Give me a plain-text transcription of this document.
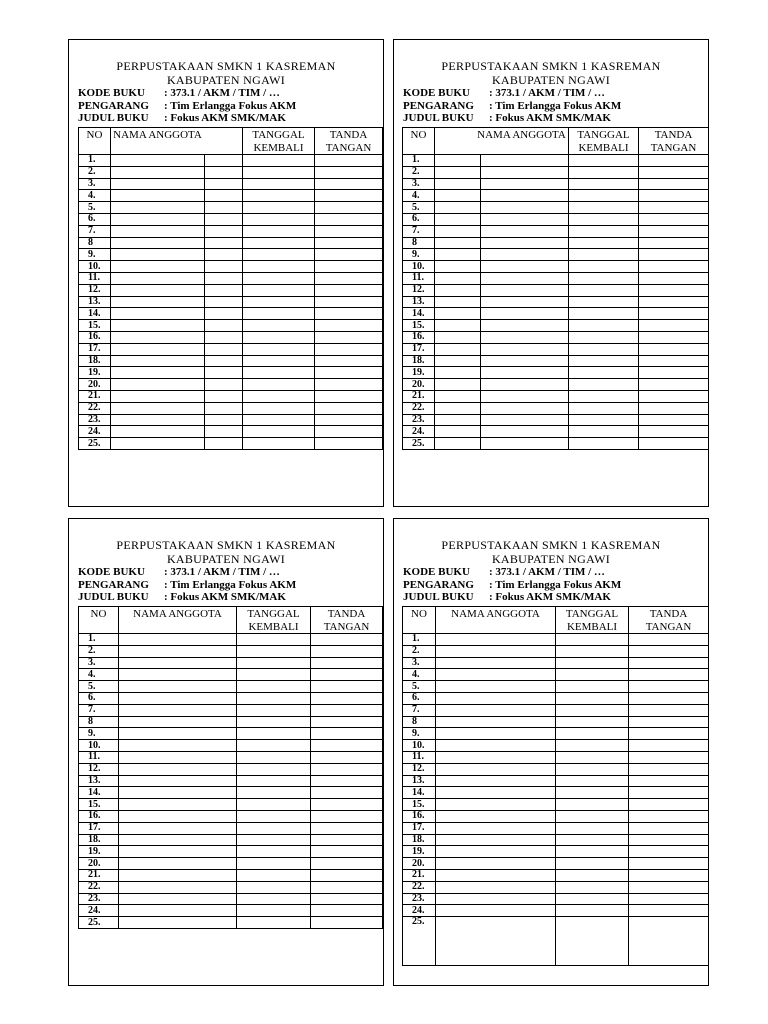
PERPUSTAKAAN SMKN 1 KASREMAN
KABUPATEN NGAWI
KODE BUKU	: 373.1 / AKM / TIM / …
PENGARANG	: Tim Erlangga Fokus AKM
JUDUL BUKU	: Fokus AKM SMK/MAK
NO	NAMA ANGGOTA		TANGGAL KEMBALI	TANDA TANGAN
1.				
2.				
3.				
4.				
5.				
6.				
7.				
8				
9.				
10.				
11.				
12.				
13.				
14.				
15.				
16.				
17.				
18.				
19.				
20.				
21.				
22.				
23.				
24.				
25.				
PERPUSTAKAAN SMKN 1 KASREMAN
KABUPATEN NGAWI
KODE BUKU	: 373.1 / AKM / TIM / …
PENGARANG	: Tim Erlangga Fokus AKM
JUDUL BUKU	: Fokus AKM SMK/MAK
NO	NAMA ANGGOTA		TANGGAL KEMBALI	TANDA TANGAN
1.				
2.				
3.				
4.				
5.				
6.				
7.				
8				
9.				
10.				
11.				
12.				
13.				
14.				
15.				
16.				
17.				
18.				
19.				
20.				
21.				
22.				
23.				
24.				
25.				
PERPUSTAKAAN SMKN 1 KASREMAN
KABUPATEN NGAWI
KODE BUKU	: 373.1 / AKM / TIM / …
PENGARANG	: Tim Erlangga Fokus AKM
JUDUL BUKU	: Fokus AKM SMK/MAK
NO	NAMA ANGGOTA	TANGGAL KEMBALI	TANDA TANGAN
1.			
2.			
3.			
4.			
5.			
6.			
7.			
8			
9.			
10.			
11.			
12.			
13.			
14.			
15.			
16.			
17.			
18.			
19.			
20.			
21.			
22.			
23.			
24.			
25.			
PERPUSTAKAAN SMKN 1 KASREMAN
KABUPATEN NGAWI
KODE BUKU	: 373.1 / AKM / TIM / …
PENGARANG	: Tim Erlangga Fokus AKM
JUDUL BUKU	: Fokus AKM SMK/MAK
NO	NAMA ANGGOTA	TANGGAL KEMBALI	TANDA TANGAN
1.			
2.			
3.			
4.			
5.			
6.			
7.			
8			
9.			
10.			
11.			
12.			
13.			
14.			
15.			
16.			
17.			
18.			
19.			
20.			
21.			
22.			
23.			
24.			
25.			
